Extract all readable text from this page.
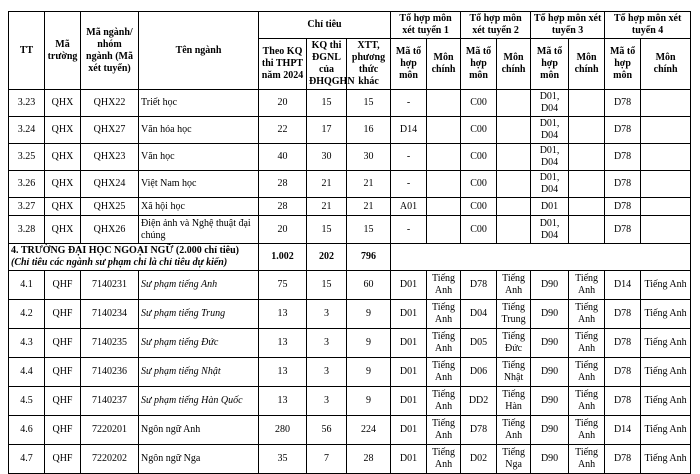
TT	Mã trường	Mã ngành/ nhóm ngành (Mã xét tuyển)	Tên ngành	Chỉ tiêu			Tổ hợp môn xét tuyển 1		Tổ hợp môn xét tuyển 2		Tổ hợp môn xét tuyển 3		Tổ hợp môn xét tuyển 4	
				Theo KQ thi THPT năm 2024	KQ thi ĐGNL của ĐHQGHN	XTT, phương thức khác	Mã tổ hợp môn	Môn chính	Mã tổ hợp môn	Môn chính	Mã tổ hợp môn	Môn chính	Mã tổ hợp môn	Môn chính
3.23	QHX	QHX22	Triết học	20	15	15	-		C00		D01, D04		D78	
3.24	QHX	QHX27	Văn hóa học	22	17	16	D14		C00		D01, D04		D78	
3.25	QHX	QHX23	Văn học	40	30	30	-		C00		D01, D04		D78	
3.26	QHX	QHX24	Việt Nam học	28	21	21	-		C00		D01, D04		D78	
3.27	QHX	QHX25	Xã hội học	28	21	21	A01		C00		D01		D78	
3.28	QHX	QHX26	Điện ảnh và Nghệ thuật đại chúng	20	15	15	-		C00		D01, D04		D78	

4. TRƯỜNG ĐẠI HỌC NGOẠI NGỮ (2.000 chỉ tiêu)
(Chỉ tiêu các ngành sư phạm chỉ là chỉ tiêu dự kiến)				1.002	202	796								
4.1	QHF	7140231	Sư phạm tiếng Anh	75	15	60	D01	Tiếng Anh	D78	Tiếng Anh	D90	Tiếng Anh	D14	Tiếng Anh
4.2	QHF	7140234	Sư phạm tiếng Trung	13	3	9	D01	Tiếng Anh	D04	Tiếng Trung	D90	Tiếng Anh	D78	Tiếng Anh
4.3	QHF	7140235	Sư phạm tiếng Đức	13	3	9	D01	Tiếng Anh	D05	Tiếng Đức	D90	Tiếng Anh	D78	Tiếng Anh
4.4	QHF	7140236	Sư phạm tiếng Nhật	13	3	9	D01	Tiếng Anh	D06	Tiếng Nhật	D90	Tiếng Anh	D78	Tiếng Anh
4.5	QHF	7140237	Sư phạm tiếng Hàn Quốc	13	3	9	D01	Tiếng Anh	DD2	Tiếng Hàn	D90	Tiếng Anh	D78	Tiếng Anh
4.6	QHF	7220201	Ngôn ngữ Anh	280	56	224	D01	Tiếng Anh	D78	Tiếng Anh	D90	Tiếng Anh	D14	Tiếng Anh
4.7	QHF	7220202	Ngôn ngữ Nga	35	7	28	D01	Tiếng Anh	D02	Tiếng Nga	D90	Tiếng Anh	D78	Tiếng Anh
